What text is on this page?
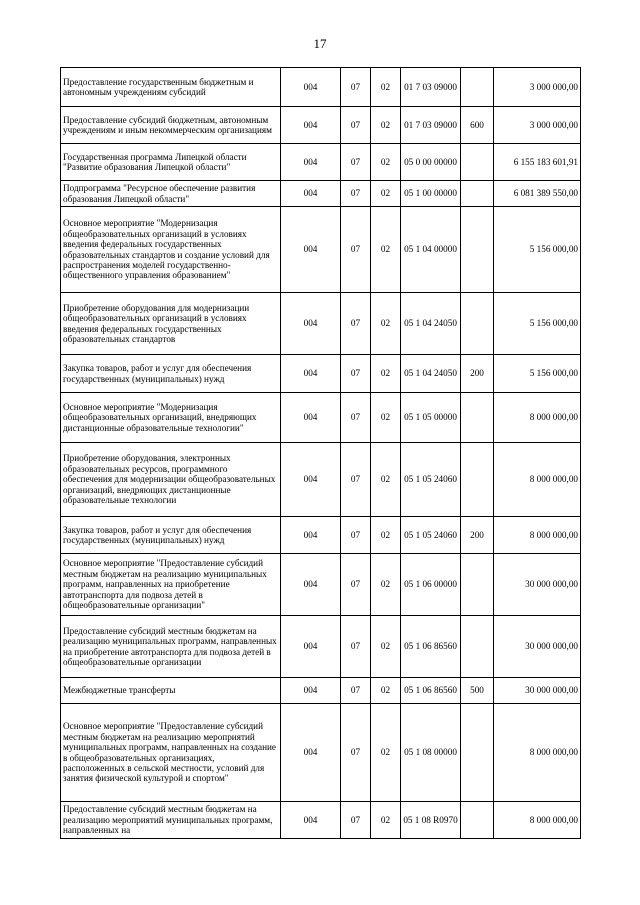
17
Предоставление государственным бюджетным и автономным учреждениям субсидий	004	07	02	01 7 03 09000		3 000 000,00
Предоставление субсидий бюджетным, автономным учреждениям и иным некоммерческим организациям	004	07	02	01 7 03 09000	600	3 000 000,00
Государственная программа Липецкой области "Развитие образования Липецкой области"	004	07	02	05 0 00 00000		6 155 183 601,91
Подпрограмма "Ресурсное обеспечение развития образования Липецкой области"	004	07	02	05 1 00 00000		6 081 389 550,00
Основное мероприятие "Модернизация общеобразовательных организаций в условиях введения федеральных государственных образовательных стандартов и создание условий для распространения моделей государственно-общественного управления образованием"	004	07	02	05 1 04 00000		5 156 000,00
Приобретение оборудования для модернизации общеобразовательных организаций в условиях введения федеральных государственных образовательных стандартов	004	07	02	05 1 04 24050		5 156 000,00
Закупка товаров, работ и услуг для обеспечения государственных (муниципальных) нужд	004	07	02	05 1 04 24050	200	5 156 000,00
Основное мероприятие "Модернизация общеобразовательных организаций, внедряющих дистанционные образовательные технологии"	004	07	02	05 1 05 00000		8 000 000,00
Приобретение оборудования, электронных образовательных ресурсов, программного обеспечения для модернизации общеобразовательных организаций, внедряющих дистанционные образовательные технологии	004	07	02	05 1 05 24060		8 000 000,00
Закупка товаров, работ и услуг для обеспечения государственных (муниципальных) нужд	004	07	02	05 1 05 24060	200	8 000 000,00
Основное мероприятие "Предоставление субсидий местным бюджетам на реализацию муниципальных программ, направленных на приобретение автотранспорта для подвоза детей в общеобразовательные организации"	004	07	02	05 1 06 00000		30 000 000,00
Предоставление субсидий местным бюджетам на реализацию муниципальных программ, направленных на приобретение автотранспорта для подвоза детей в общеобразовательные организации	004	07	02	05 1 06 86560		30 000 000,00
Межбюджетные трансферты	004	07	02	05 1 06 86560	500	30 000 000,00
Основное мероприятие "Предоставление субсидий местным бюджетам на реализацию мероприятий муниципальных программ, направленных на создание в общеобразовательных организациях, расположенных в сельской местности, условий для занятия физической культурой и спортом"	004	07	02	05 1 08 00000		8 000 000,00
Предоставление субсидий местным бюджетам на реализацию мероприятий муниципальных программ, направленных на	004	07	02	05 1 08 R0970		8 000 000,00
